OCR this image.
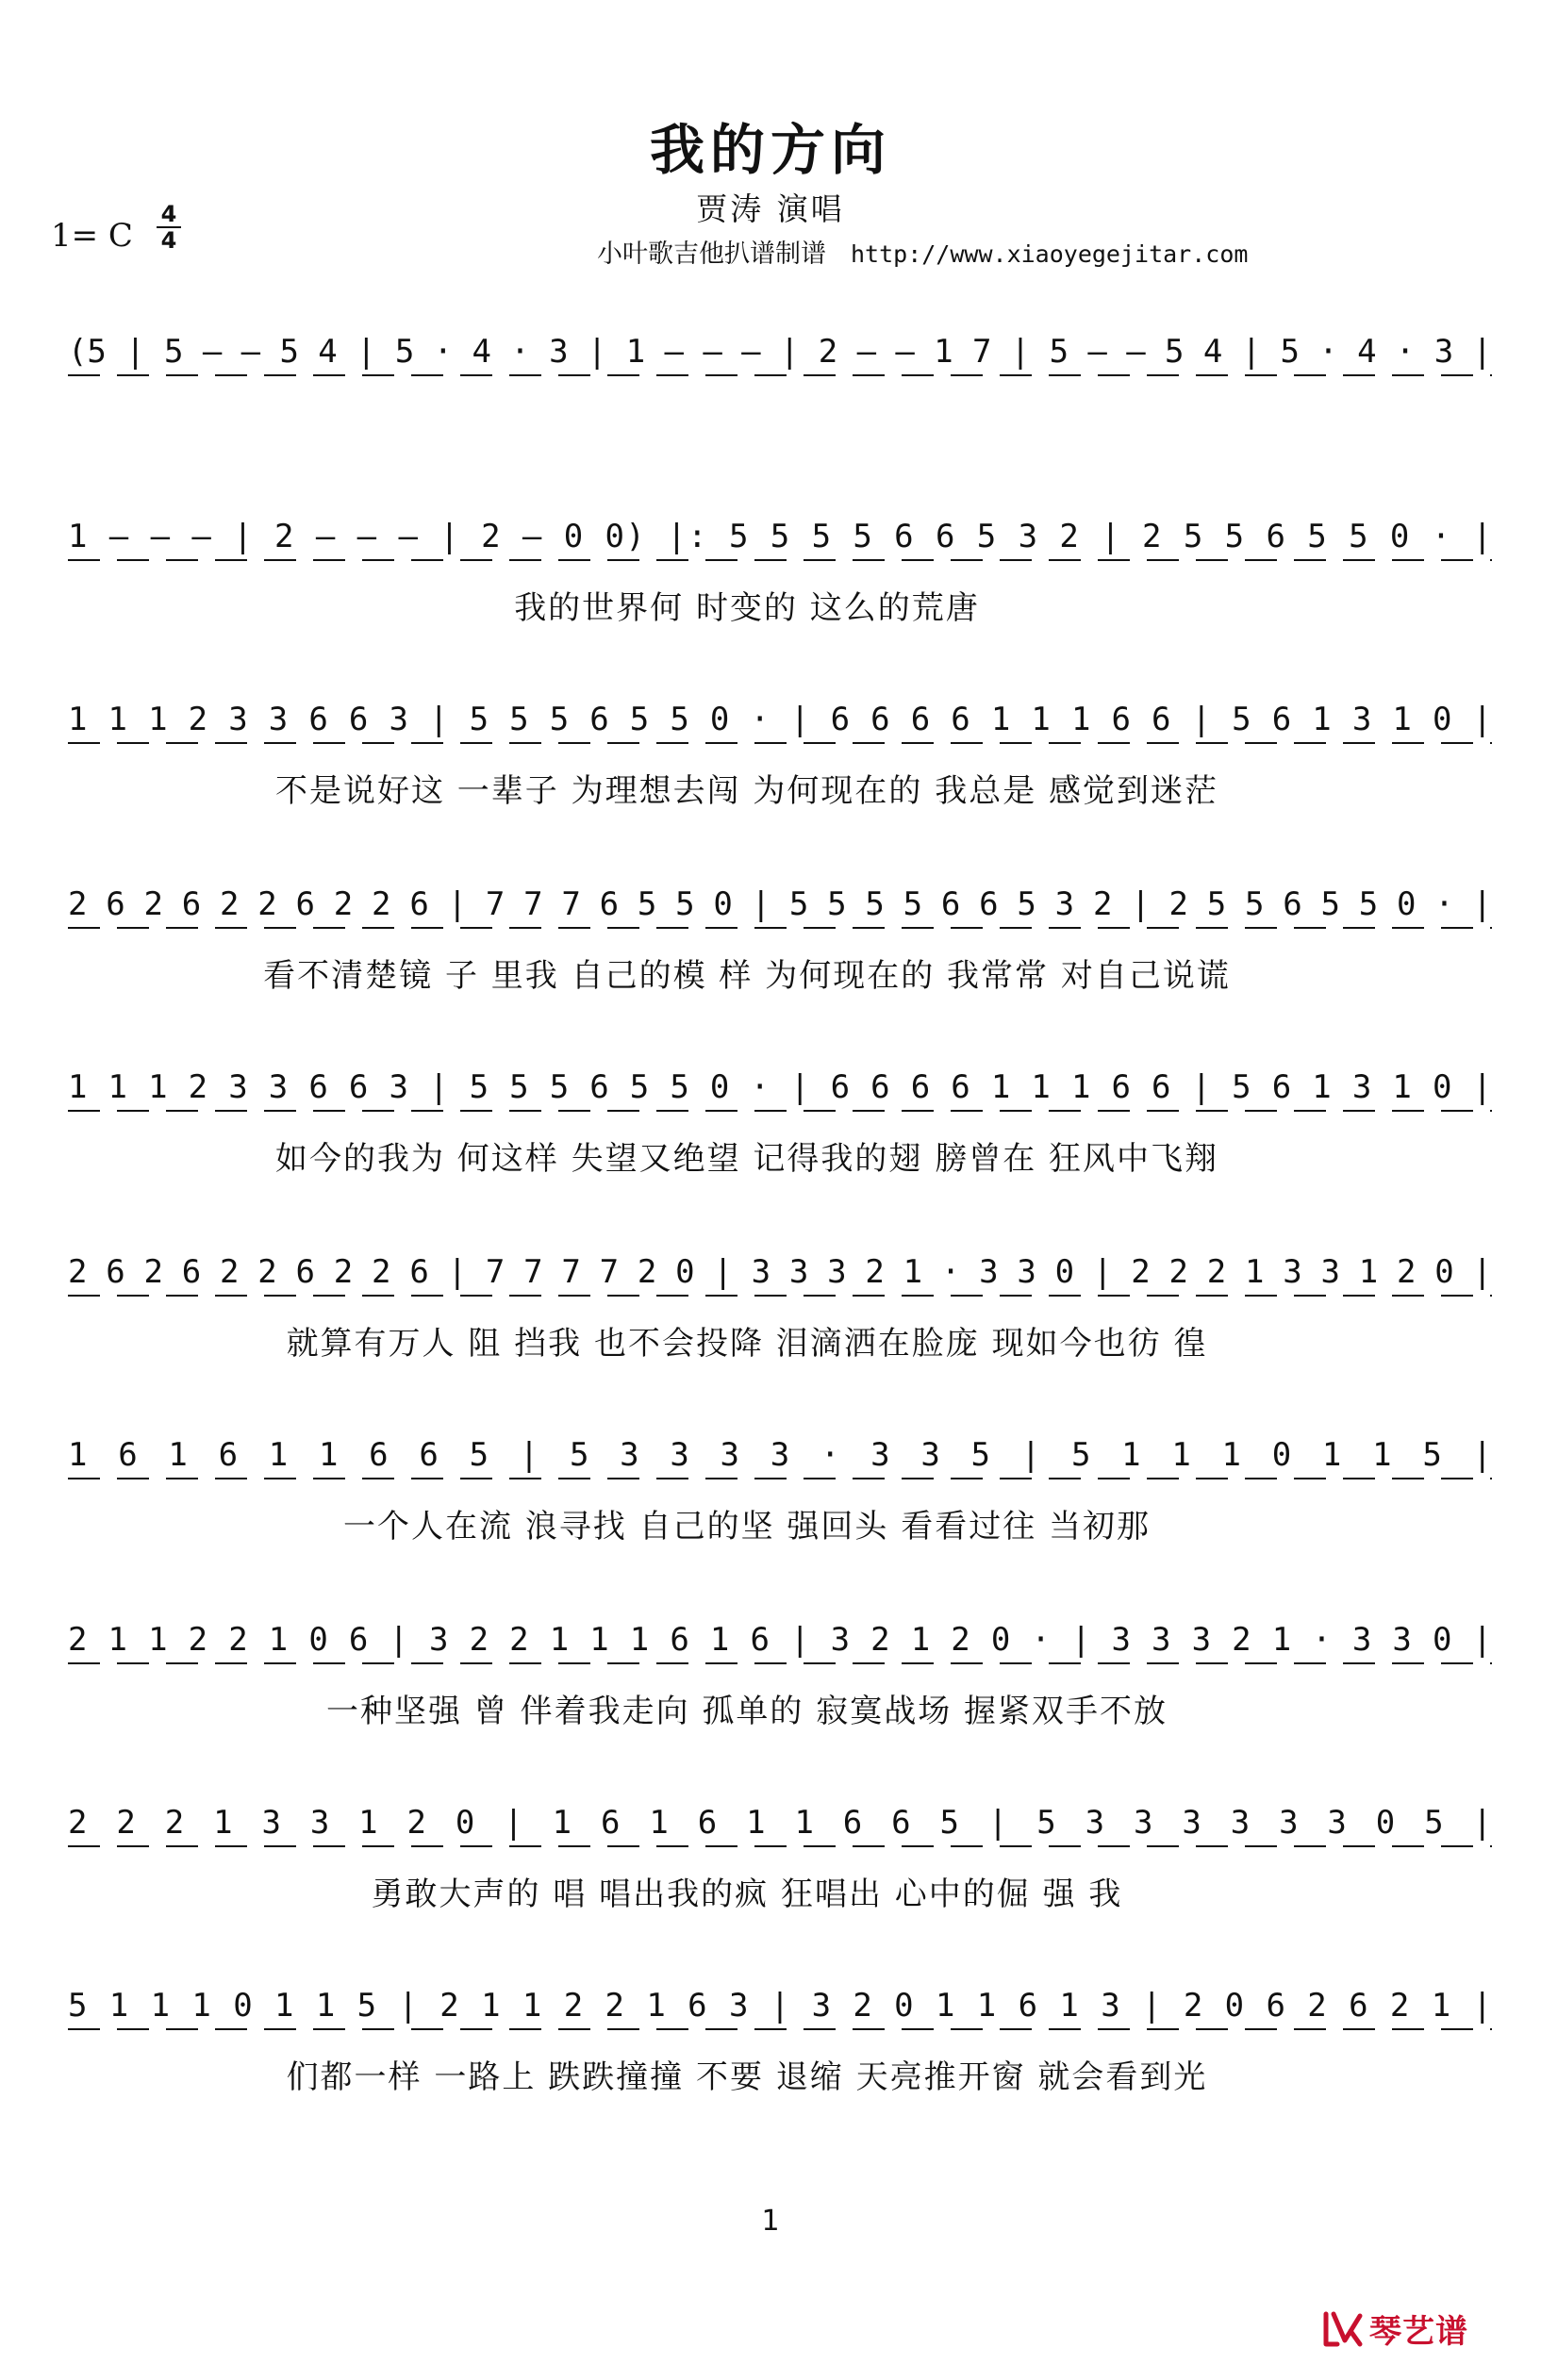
我的方向
贾涛 演唱
1= C
4
4	小叶歌吉他扒谱制谱 http://www.xiaoyegejitar.com
(5 | 5 – – 5 4 | 5 · 4 · 3 | 1 – – – | 2 – – 1 7 | 5 – – 5 4 | 5 · 4 · 3 |
1 – – – | 2 – – – | 2 – 0 0) |: 5 5 5 5 6 6 5 3 2 | 2 5 5 6 5 5 0 · |
我的世界何 时变的 这么的荒唐
1 1 1 2 3 3 6 6 3 | 5 5 5 6 5 5 0 · | 6 6 6 6 1 1 1 6 6 | 5 6 1 3 1 0 |
不是说好这 一辈子 为理想去闯 为何现在的 我总是 感觉到迷茫
2 6 2 6 2 2 6 2 2 6 | 7 7 7 6 5 5 0 | 5 5 5 5 6 6 5 3 2 | 2 5 5 6 5 5 0 · |
看不清楚镜 子 里我 自己的模 样 为何现在的 我常常 对自己说谎
1 1 1 2 3 3 6 6 3 | 5 5 5 6 5 5 0 · | 6 6 6 6 1 1 1 6 6 | 5 6 1 3 1 0 |
如今的我为 何这样 失望又绝望 记得我的翅 膀曾在 狂风中飞翔
2 6 2 6 2 2 6 2 2 6 | 7 7 7 7 2 0 | 3 3 3 2 1 · 3 3 0 | 2 2 2 1 3 3 1 2 0 |
就算有万人 阻 挡我 也不会投降 泪滴洒在脸庞 现如今也彷 徨
1 6 1 6 1 1 6 6 5 | 5 3 3 3 3 · 3 3 5 | 5 1 1 1 0 1 1 5 |
一个人在流 浪寻找 自己的坚 强回头 看看过往 当初那
2 1 1 2 2 1 0 6 | 3 2 2 1 1 1 6 1 6 | 3 2 1 2 0 · | 3 3 3 2 1 · 3 3 0 |
一种坚强 曾 伴着我走向 孤单的 寂寞战场 握紧双手不放
2 2 2 1 3 3 1 2 0 | 1 6 1 6 1 1 6 6 5 | 5 3 3 3 3 3 3 0 5 |
勇敢大声的 唱 唱出我的疯 狂唱出 心中的倔 强 我
5 1 1 1 0 1 1 5 | 2 1 1 2 2 1 6 3 | 3 2 0 1 1 6 1 3 | 2 0 6 2 6 2 1 |
们都一样 一路上 跌跌撞撞 不要 退缩 天亮推开窗 就会看到光
1
琴艺谱
